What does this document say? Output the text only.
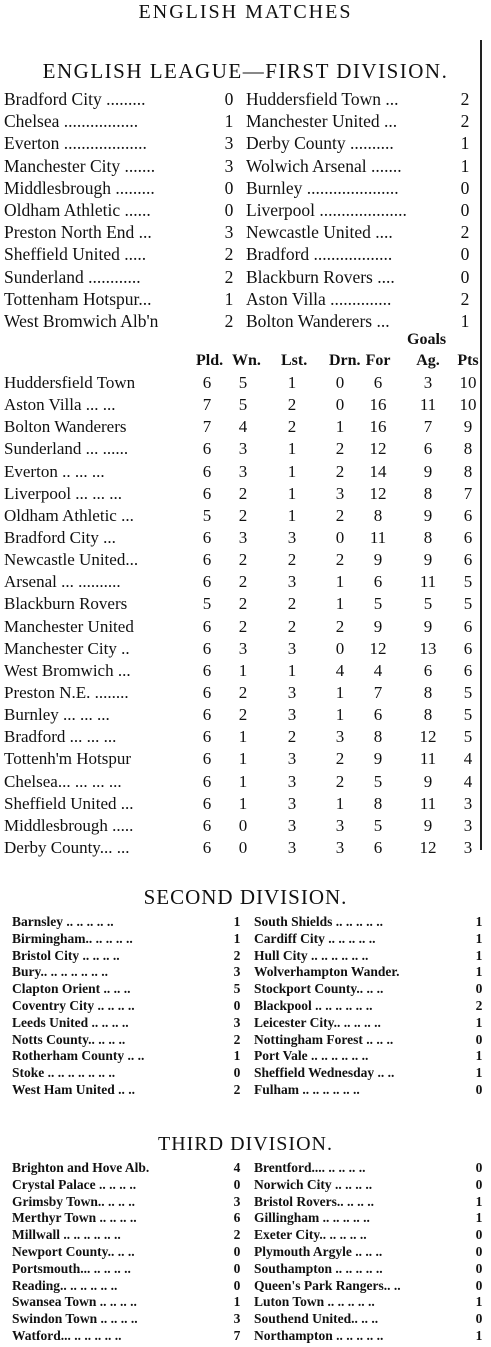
ENGLISH MATCHES
ENGLISH LEAGUE—FIRST DIVISION.
Bradford City .........	0 Huddersfield Town ...	2
Chelsea .................	1 Manchester United ...	2
Everton ...................	3 Derby County ..........	1
Manchester City .......	3 Wolwich Arsenal .......	1
Middlesbrough .........	0 Burnley .....................	0
Oldham Athletic ......	0 Liverpool ....................	0
Preston North End ...	3 Newcastle United ....	2
Sheffield United .....	2 Bradford ..................	0
Sunderland ............	2 Blackburn Rovers ....	0
Tottenham Hotspur...	1 Aston Villa ..............	2
West Bromwich Alb'n	2 Bolton Wanderers ...	1
Goals
Pld. Wn. Lst. Drn. For Ag. Pts
Huddersfield Town	6	5	1	0	6	3	10
Aston Villa ... ...	7	5	2	0	16	11	10
Bolton Wanderers	7	4	2	1	16	7	9
Sunderland ... ......	6	3	1	2	12	6	8
Everton .. ... ...	6	3	1	2	14	9	8
Liverpool ... ... ...	6	2	1	3	12	8	7
Oldham Athletic ...	5	2	1	2	8	9	6
Bradford City ...	6	3	3	0	11	8	6
Newcastle United...	6	2	2	2	9	9	6
Arsenal ... ..........	6	2	3	1	6	11	5
Blackburn Rovers	5	2	2	1	5	5	5
Manchester United	6	2	2	2	9	9	6
Manchester City ..	6	3	3	0	12	13	6
West Bromwich ...	6	1	1	4	4	6	6
Preston N.E. ........	6	2	3	1	7	8	5
Burnley ... ... ...	6	2	3	1	6	8	5
Bradford ... ... ...	6	1	2	3	8	12	5
Tottenh'm Hotspur	6	1	3	2	9	11	4
Chelsea... ... ... ...	6	1	3	2	5	9	4
Sheffield United ...	6	1	3	1	8	11	3
Middlesbrough .....	6	0	3	3	5	9	3
Derby County... ...	6	0	3	3	6	12	3
SECOND DIVISION.
Barnsley .. .. .. .. ..	1 South Shields .. .. .. .. ..	1
Birmingham.. .. .. .. ..	1 Cardiff City .. .. .. .. ..	1
Bristol City .. .. .. ..	2 Hull City .. .. .. .. .. ..	1
Bury.. .. .. .. .. .. ..	3 Wolverhampton Wander.	1
Clapton Orient .. .. ..	5 Stockport County.. .. ..	0
Coventry City .. .. .. ..	0 Blackpool .. .. .. .. .. ..	2
Leeds United .. .. .. ..	3 Leicester City.. .. .. .. ..	1
Notts County.. .. .. ..	2 Nottingham Forest .. .. ..	0
Rotherham County .. ..	1 Port Vale .. .. .. .. .. ..	1
Stoke .. .. .. .. .. .. ..	0 Sheffield Wednesday .. ..	1
West Ham United .. ..	2 Fulham .. .. .. .. .. ..	0
THIRD DIVISION.
Brighton and Hove Alb.	4 Brentford.... .. .. .. ..	0
Crystal Palace .. .. .. ..	0 Norwich City .. .. .. ..	0
Grimsby Town.. .. .. ..	3 Bristol Rovers.. .. .. ..	1
Merthyr Town .. .. .. ..	6 Gillingham .. .. .. .. ..	1
Millwall .. .. .. .. .. ..	2 Exeter City.. .. .. .. ..	0
Newport County.. .. ..	0 Plymouth Argyle .. .. ..	0
Portsmouth... .. .. .. ..	0 Southampton .. .. .. .. ..	0
Reading.. .. .. .. .. ..	0 Queen's Park Rangers.. ..	0
Swansea Town .. .. .. ..	1 Luton Town .. .. .. .. ..	1
Swindon Town .. .. .. ..	3 Southend United.. .. ..	0
Watford... .. .. .. .. ..	7 Northampton .. .. .. .. ..	1
